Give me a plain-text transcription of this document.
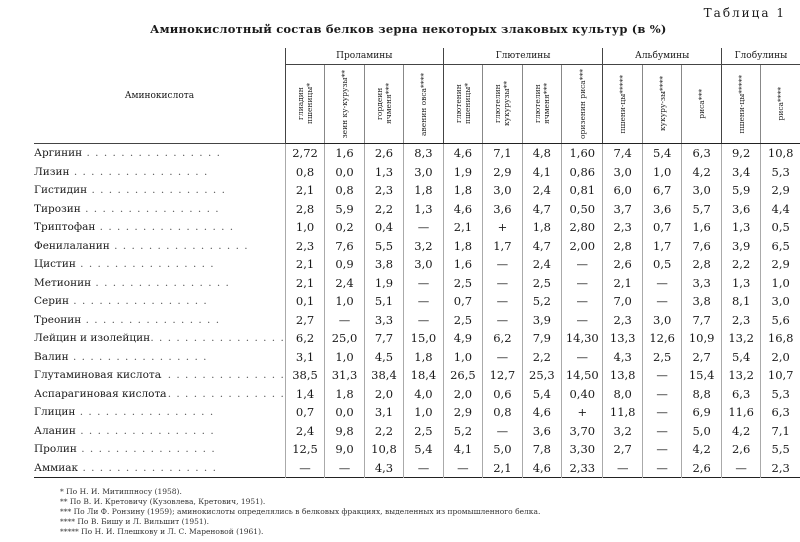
Таблица 1
Аминокислотный состав белков зерна некоторых злаковых культур (в %)
Аминокислота	Проламины				Глютелины				Альбумины			Глобулины	

	глиадин пшеницы*	зеин ку-курузы**	гордеин ячменя***	авенин овса****	глютенин пшеницы*	глютелин кукурузы**	глютелин ячменя***	оризенин риса***	пшени-цы*****	кукуру-зы****	риса***	пшени-цы*****	риса****

Аргинин . . . . . . . . . . . . . . . .	2,72	1,6	2,6	8,3	4,6	7,1	4,8	1,60	7,4	5,4	6,3	9,2	10,8
Лизин . . . . . . . . . . . . . . . .	0,8	0,0	1,3	3,0	1,9	2,9	4,1	0,86	3,0	1,0	4,2	3,4	5,3
Гистидин . . . . . . . . . . . . . . . .	2,1	0,8	2,3	1,8	1,8	3,0	2,4	0,81	6,0	6,7	3,0	5,9	2,9
Тирозин . . . . . . . . . . . . . . . .	2,8	5,9	2,2	1,3	4,6	3,6	4,7	0,50	3,7	3,6	5,7	3,6	4,4
Триптофан . . . . . . . . . . . . . . . .	1,0	0,2	0,4	—	2,1	+	1,8	2,80	2,3	0,7	1,6	1,3	0,5
Фенилаланин . . . . . . . . . . . . . . . .	2,3	7,6	5,5	3,2	1,8	1,7	4,7	2,00	2,8	1,7	7,6	3,9	6,5
Цистин . . . . . . . . . . . . . . . .	2,1	0,9	3,8	3,0	1,6	—	2,4	—	2,6	0,5	2,8	2,2	2,9
Метионин . . . . . . . . . . . . . . . .	2,1	2,4	1,9	—	2,5	—	2,5	—	2,1	—	3,3	1,3	1,0
Серин . . . . . . . . . . . . . . . .	0,1	1,0	5,1	—	0,7	—	5,2	—	7,0	—	3,8	8,1	3,0
Треонин . . . . . . . . . . . . . . . .	2,7	—	3,3	—	2,5	—	3,9	—	2,3	3,0	7,7	2,3	5,6
Лейцин и изолейцин . . . . . . . . . . . . . . . .	6,2	25,0	7,7	15,0	4,9	6,2	7,9	14,30	13,3	12,6	10,9	13,2	16,8
Валин . . . . . . . . . . . . . . . .	3,1	1,0	4,5	1,8	1,0	—	2,2	—	4,3	2,5	2,7	5,4	2,0
Глутаминовая кислота . . . . . . . . . . . . . . . .	38,5	31,3	38,4	18,4	26,5	12,7	25,3	14,50	13,8	—	15,4	13,2	10,7
Аспарагиновая кислота . . . . . . . . . . . . . . . .	1,4	1,8	2,0	4,0	2,0	0,6	5,4	0,40	8,0	—	8,8	6,3	5,3
Глицин . . . . . . . . . . . . . . . .	0,7	0,0	3,1	1,0	2,9	0,8	4,6	+	11,8	—	6,9	11,6	6,3
Аланин . . . . . . . . . . . . . . . .	2,4	9,8	2,2	2,5	5,2	—	3,6	3,70	3,2	—	5,0	4,2	7,1
Пролин . . . . . . . . . . . . . . . .	12,5	9,0	10,8	5,4	4,1	5,0	7,8	3,30	2,7	—	4,2	2,6	5,5
Аммиак . . . . . . . . . . . . . . . .	—	—	4,3	—	—	2,1	4,6	2,33	—	—	2,6	—	2,3

* По Н. И. Митиппносу (1958).
** По В. И. Кретовичу (Кузовлева, Кретович, 1951).
*** По Ли Ф. Ронзину (1959); аминокислоты определялись в белковых фракциях, выделенных из промышленного белка.
**** По В. Бишу и Л. Вильшит (1951).
***** По Н. И. Плешкову и Л. С. Мареновой (1961).
